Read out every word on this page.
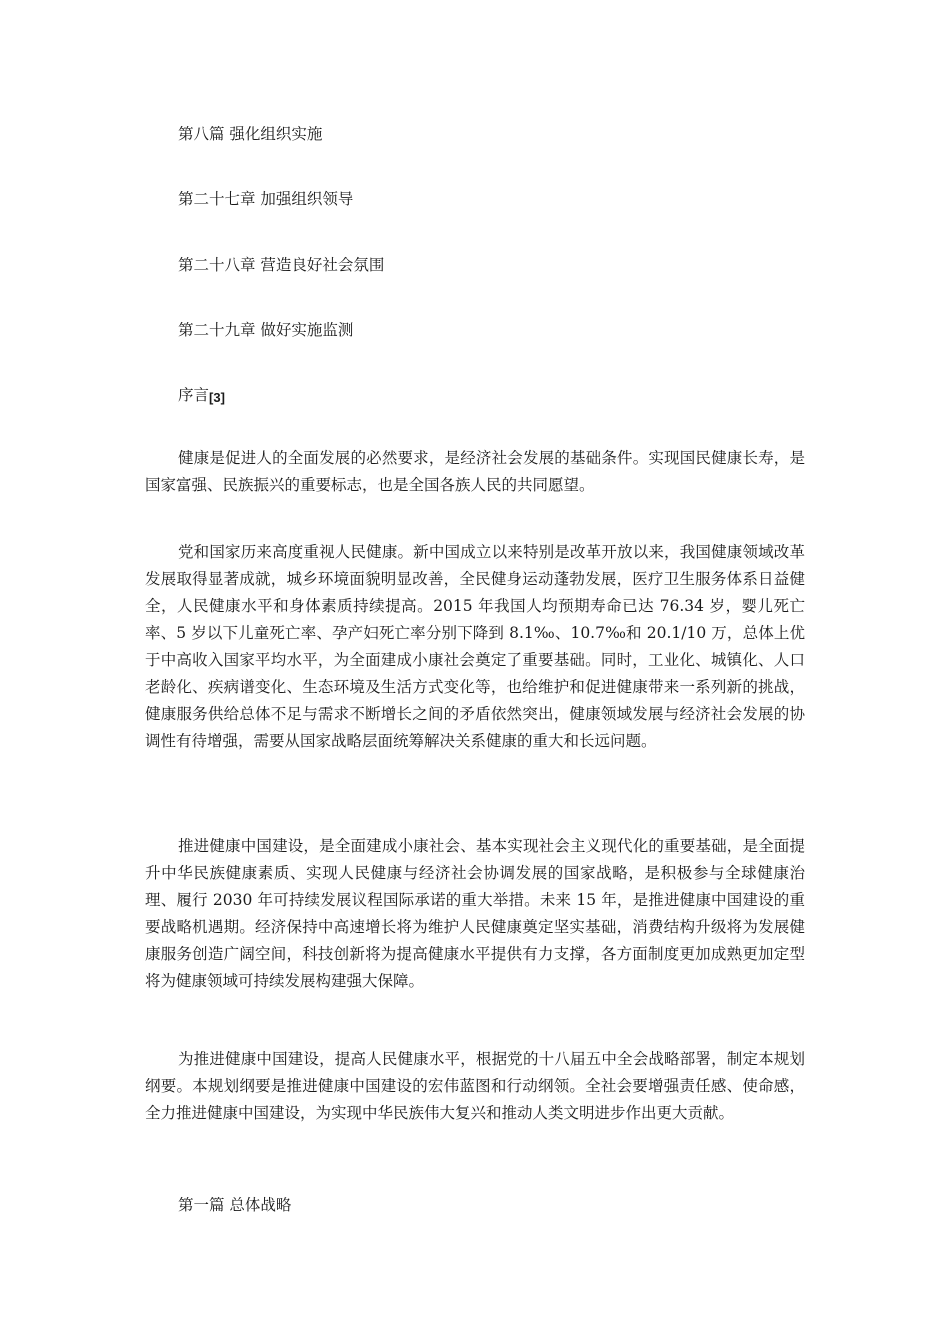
第八篇 强化组织实施
第二十七章 加强组织领导
第二十八章 营造良好社会氛围
第二十九章 做好实施监测
序言[3]

健康是促进人的全面发展的必然要求，是经济社会发展的基础条件。实现国民健康长寿，是国家富强、民族振兴的重要标志，也是全国各族人民的共同愿望。

党和国家历来高度重视人民健康。新中国成立以来特别是改革开放以来，我国健康领域改革发展取得显著成就，城乡环境面貌明显改善，全民健身运动蓬勃发展，医疗卫生服务体系日益健全，人民健康水平和身体素质持续提高。2015 年我国人均预期寿命已达 76.34 岁，婴儿死亡率、5 岁以下儿童死亡率、孕产妇死亡率分别下降到 8.1‰、10.7‰和 20.1/10 万，总体上优于中高收入国家平均水平，为全面建成小康社会奠定了重要基础。同时，工业化、城镇化、人口老龄化、疾病谱变化、生态环境及生活方式变化等，也给维护和促进健康带来一系列新的挑战，健康服务供给总体不足与需求不断增长之间的矛盾依然突出，健康领域发展与经济社会发展的协调性有待增强，需要从国家战略层面统筹解决关系健康的重大和长远问题。

推进健康中国建设，是全面建成小康社会、基本实现社会主义现代化的重要基础，是全面提升中华民族健康素质、实现人民健康与经济社会协调发展的国家战略，是积极参与全球健康治理、履行 2030 年可持续发展议程国际承诺的重大举措。未来 15 年，是推进健康中国建设的重要战略机遇期。经济保持中高速增长将为维护人民健康奠定坚实基础，消费结构升级将为发展健康服务创造广阔空间，科技创新将为提高健康水平提供有力支撑，各方面制度更加成熟更加定型将为健康领域可持续发展构建强大保障。

为推进健康中国建设，提高人民健康水平，根据党的十八届五中全会战略部署，制定本规划纲要。本规划纲要是推进健康中国建设的宏伟蓝图和行动纲领。全社会要增强责任感、使命感，全力推进健康中国建设，为实现中华民族伟大复兴和推动人类文明进步作出更大贡献。

第一篇 总体战略
